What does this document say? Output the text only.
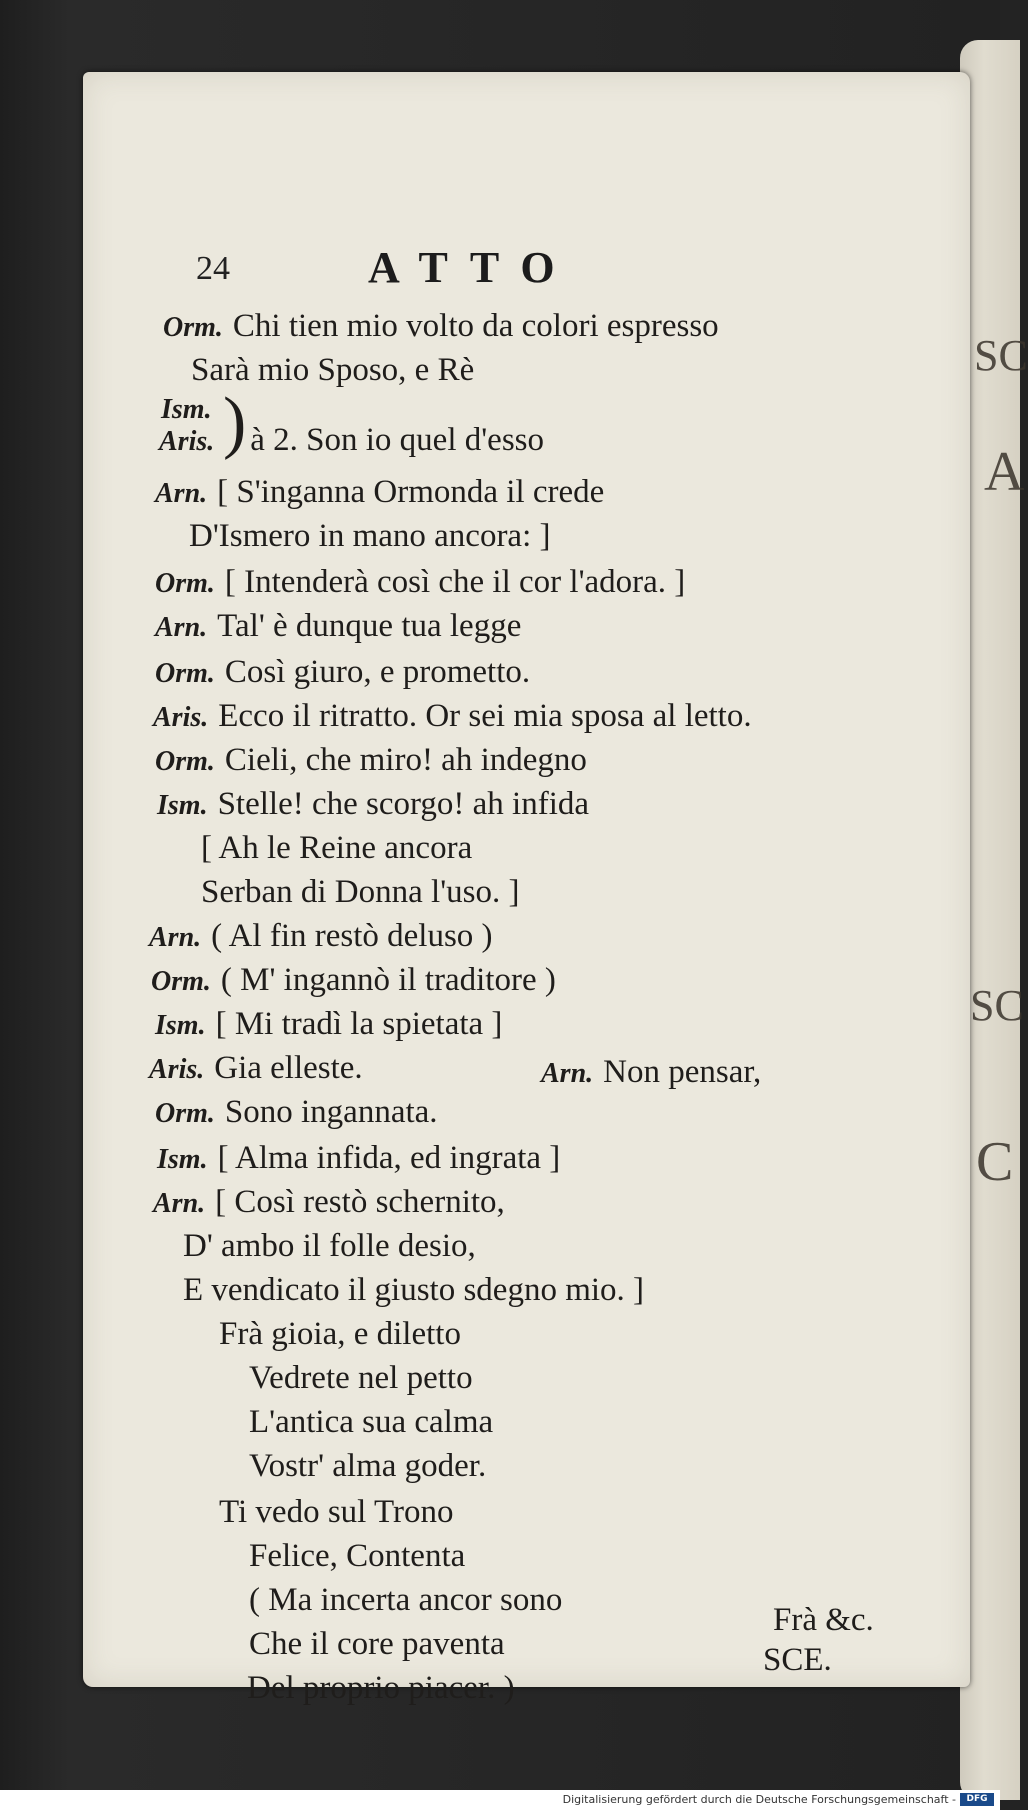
SC
A
SC
C
24	ATTO
Orm. Chi tien mio volto da colori espresso
Sarà mio Sposo, e Rè
Ism. )
Aris. à 2. Son io quel d'esso
Arn. [ S'inganna Ormonda il crede
D'Ismero in mano ancora: ]
Orm. [ Intenderà così che il cor l'adora. ]
Arn. Tal' è dunque tua legge
Orm. Così giuro, e prometto.
Aris. Ecco il ritratto. Or sei mia sposa al letto.
Orm. Cieli, che miro! ah indegno
Ism. Stelle! che scorgo! ah infida
[ Ah le Reine ancora
Serban di Donna l'uso. ]
Arn. ( Al fin restò deluso )
Orm. ( M' ingannò il traditore )
Ism. [ Mi tradì la spietata ]
Aris. Gia elleste.	Arn. Non pensar,
Orm. Sono ingannata.
Ism. [ Alma infida, ed ingrata ]
Arn. [ Così restò schernito,
D' ambo il folle desio,
E vendicato il giusto sdegno mio. ]
Frà gioia, e diletto
Vedrete nel petto
L'antica sua calma
Vostr' alma goder.
Ti vedo sul Trono
Felice, Contenta
( Ma incerta ancor sono
Che il core paventa
Del proprio piacer. )
Frà &c.
SCE.
Digitalisierung gefördert durch die Deutsche Forschungsgemeinschaft -	DFG
